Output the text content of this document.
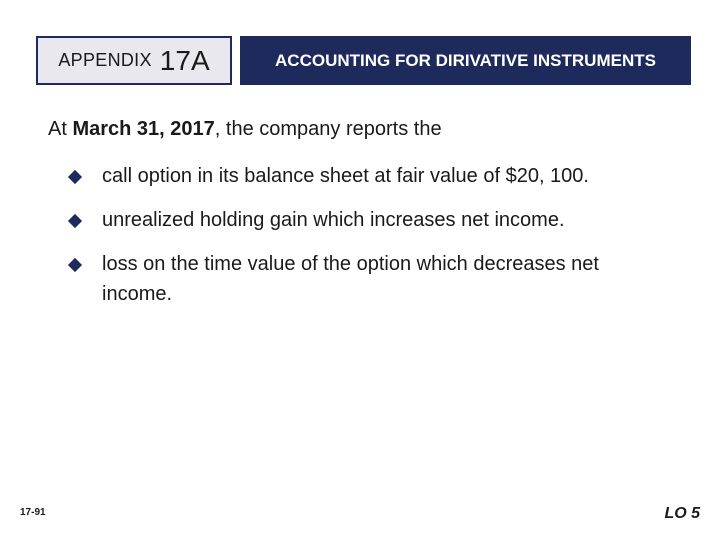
APPENDIX 17A	ACCOUNTING FOR DIRIVATIVE INSTRUMENTS
At March 31, 2017, the company reports the
call option in its balance sheet at fair value of $20, 100.
unrealized holding gain which increases net income.
loss on the time value of the option which decreases net
income.
17-91	LO 5
